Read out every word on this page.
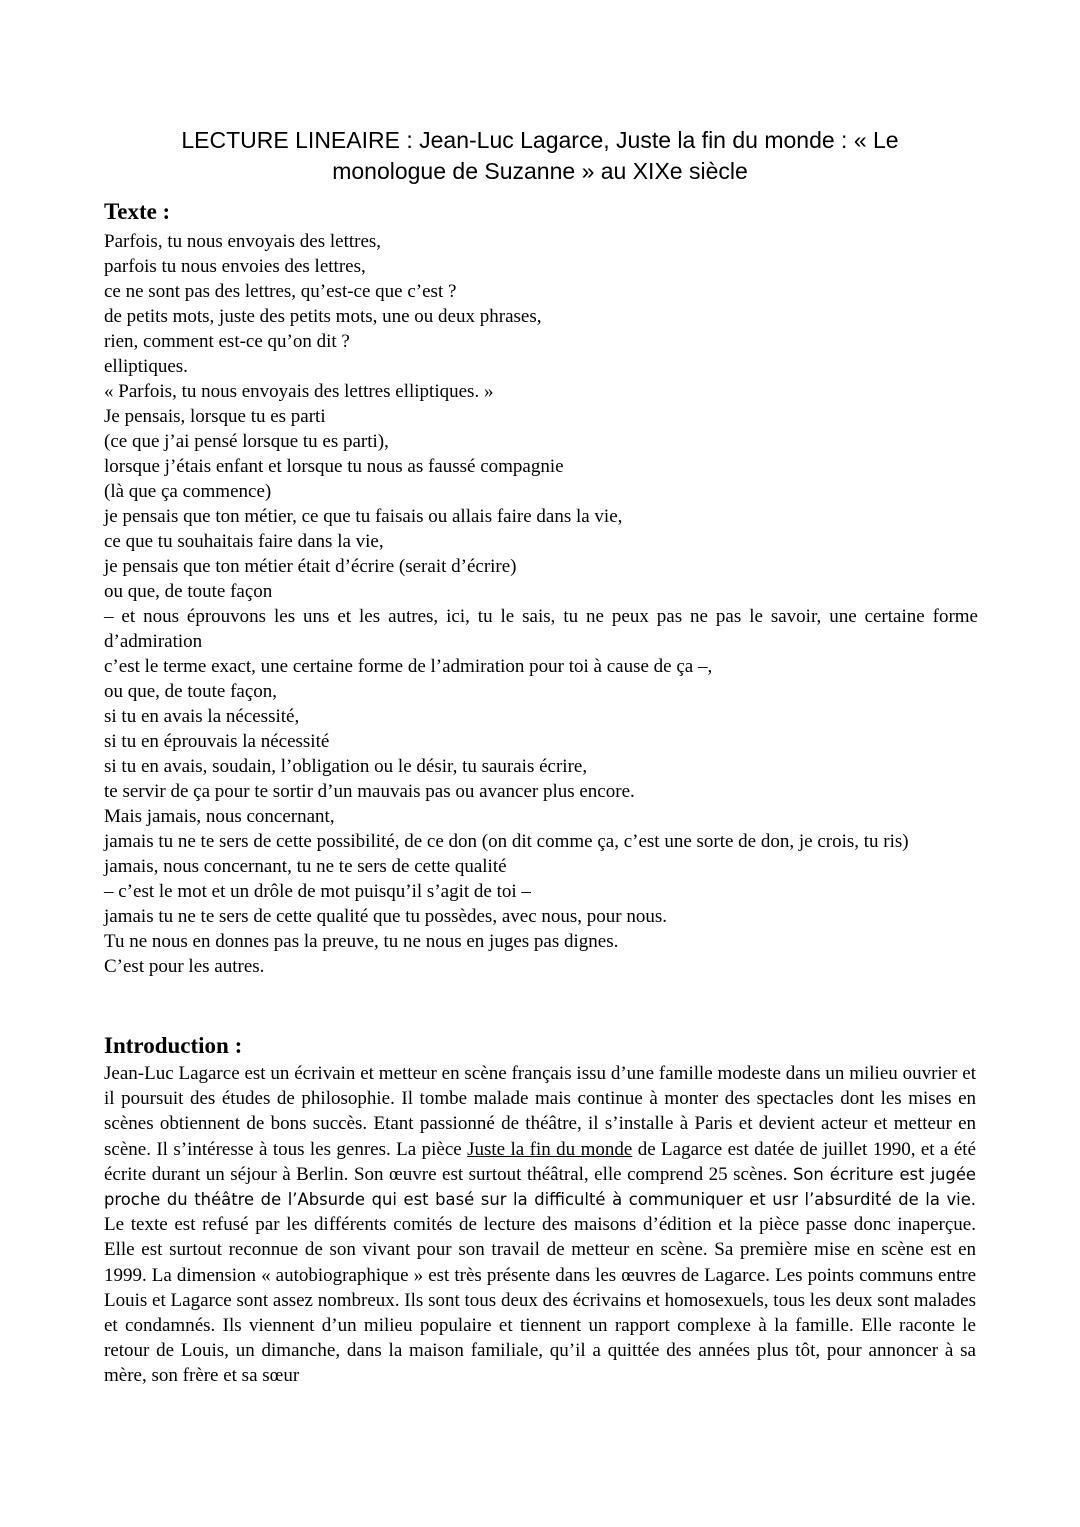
LECTURE LINEAIRE : Jean-Luc Lagarce, Juste la fin du monde : « Le
monologue de Suzanne » au XIXe siècle
Texte :
Parfois, tu nous envoyais des lettres,
parfois tu nous envoies des lettres,
ce ne sont pas des lettres, qu’est-ce que c’est ?
de petits mots, juste des petits mots, une ou deux phrases,
rien, comment est-ce qu’on dit ?
elliptiques.
« Parfois, tu nous envoyais des lettres elliptiques. »
Je pensais, lorsque tu es parti
(ce que j’ai pensé lorsque tu es parti),
lorsque j’étais enfant et lorsque tu nous as faussé compagnie
(là que ça commence)
je pensais que ton métier, ce que tu faisais ou allais faire dans la vie,
ce que tu souhaitais faire dans la vie,
je pensais que ton métier était d’écrire (serait d’écrire)
ou que, de toute façon
– et nous éprouvons les uns et les autres, ici, tu le sais, tu ne peux pas ne pas le savoir, une certaine forme d’admiration
c’est le terme exact, une certaine forme de l’admiration pour toi à cause de ça –,
ou que, de toute façon,
si tu en avais la nécessité,
si tu en éprouvais la nécessité
si tu en avais, soudain, l’obligation ou le désir, tu saurais écrire,
te servir de ça pour te sortir d’un mauvais pas ou avancer plus encore.
Mais jamais, nous concernant,
jamais tu ne te sers de cette possibilité, de ce don (on dit comme ça, c’est une sorte de don, je crois, tu ris)
jamais, nous concernant, tu ne te sers de cette qualité
– c’est le mot et un drôle de mot puisqu’il s’agit de toi –
jamais tu ne te sers de cette qualité que tu possèdes, avec nous, pour nous.
Tu ne nous en donnes pas la preuve, tu ne nous en juges pas dignes.
C’est pour les autres.
Introduction :

Jean-Luc Lagarce est un écrivain et metteur en scène français issu d’une famille modeste dans un milieu ouvrier et il poursuit des études de philosophie. Il tombe malade mais continue à monter des spectacles dont les mises en scènes obtiennent de bons succès. Etant passionné de théâtre, il s’installe à Paris et devient acteur et metteur en scène. Il s’intéresse à tous les genres. La pièce Juste la fin du monde de Lagarce est datée de juillet 1990, et a été écrite durant un séjour à Berlin. Son œuvre est surtout théâtral, elle comprend 25 scènes. Son écriture est jugée proche du théâtre de l’Absurde qui est basé sur la difficulté à communiquer et usr l’absurdité de la vie. Le texte est refusé par les différents comités de lecture des maisons d’édition et la pièce passe donc inaperçue. Elle est surtout reconnue de son vivant pour son travail de metteur en scène. Sa première mise en scène est en 1999. La dimension « autobiographique » est très présente dans les œuvres de Lagarce. Les points communs entre Louis et Lagarce sont assez nombreux. Ils sont tous deux des écrivains et homosexuels, tous les deux sont malades et condamnés. Ils viennent d’un milieu populaire et tiennent un rapport complexe à la famille. Elle raconte le retour de Louis, un dimanche, dans la maison familiale, qu’il a quittée des années plus tôt, pour annoncer à sa mère, son frère et sa sœur
